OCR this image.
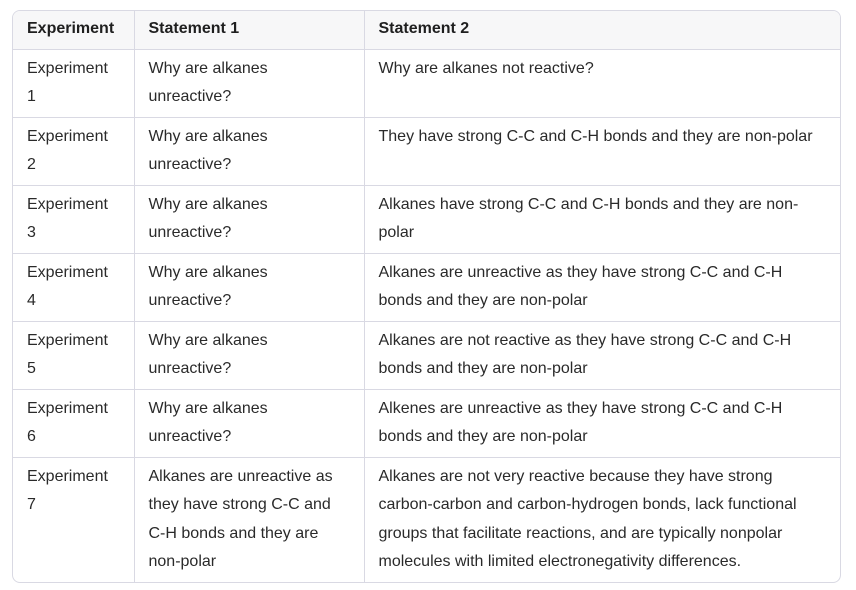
Experiment	Statement 1	Statement 2
Experiment 1	Why are alkanes unreactive?	Why are alkanes not reactive?
Experiment 2	Why are alkanes unreactive?	They have strong C-C and C-H bonds and they are non-polar
Experiment 3	Why are alkanes unreactive?	Alkanes have strong C-C and C-H bonds and they are non-polar
Experiment 4	Why are alkanes unreactive?	Alkanes are unreactive as they have strong C-C and C-H bonds and they are non-polar
Experiment 5	Why are alkanes unreactive?	Alkanes are not reactive as they have strong C-C and C-H bonds and they are non-polar
Experiment 6	Why are alkanes unreactive?	Alkenes are unreactive as they have strong C-C and C-H bonds and they are non-polar
Experiment 7	Alkanes are unreactive as they have strong C-C and C-H bonds and they are non-polar	Alkanes are not very reactive because they have strong carbon-carbon and carbon-hydrogen bonds, lack functional groups that facilitate reactions, and are typically nonpolar molecules with limited electronegativity differences.
